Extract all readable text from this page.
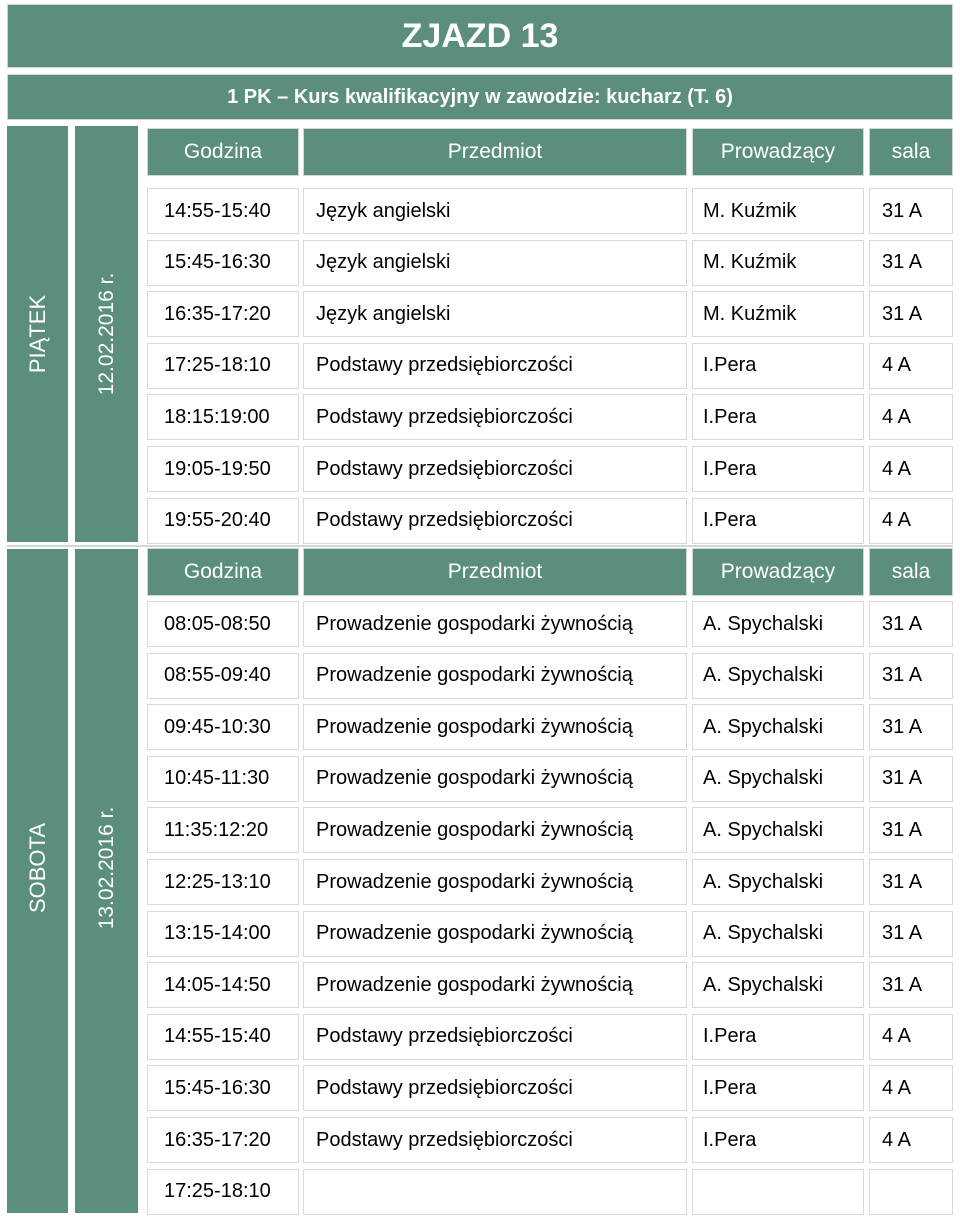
ZJAZD 13
1 PK – Kurs kwalifikacyjny w zawodzie: kucharz (T. 6)
PIĄTEK 12.02.2016 r.
Godzina	Przedmiot	Prowadzący	sala
14:55-15:40	Język angielski	M. Kuźmik	31 A
15:45-16:30	Język angielski	M. Kuźmik	31 A
16:35-17:20	Język angielski	M. Kuźmik	31 A
17:25-18:10	Podstawy przedsiębiorczości	I.Pera	4 A
18:15:19:00	Podstawy przedsiębiorczości	I.Pera	4 A
19:05-19:50	Podstawy przedsiębiorczości	I.Pera	4 A
19:55-20:40	Podstawy przedsiębiorczości	I.Pera	4 A
SOBOTA 13.02.2016 r.
Godzina	Przedmiot	Prowadzący	sala
08:05-08:50	Prowadzenie gospodarki żywnością	A. Spychalski	31 A
08:55-09:40	Prowadzenie gospodarki żywnością	A. Spychalski	31 A
09:45-10:30	Prowadzenie gospodarki żywnością	A. Spychalski	31 A
10:45-11:30	Prowadzenie gospodarki żywnością	A. Spychalski	31 A
11:35:12:20	Prowadzenie gospodarki żywnością	A. Spychalski	31 A
12:25-13:10	Prowadzenie gospodarki żywnością	A. Spychalski	31 A
13:15-14:00	Prowadzenie gospodarki żywnością	A. Spychalski	31 A
14:05-14:50	Prowadzenie gospodarki żywnością	A. Spychalski	31 A
14:55-15:40	Podstawy przedsiębiorczości	I.Pera	4 A
15:45-16:30	Podstawy przedsiębiorczości	I.Pera	4 A
16:35-17:20	Podstawy przedsiębiorczości	I.Pera	4 A
17:25-18:10
